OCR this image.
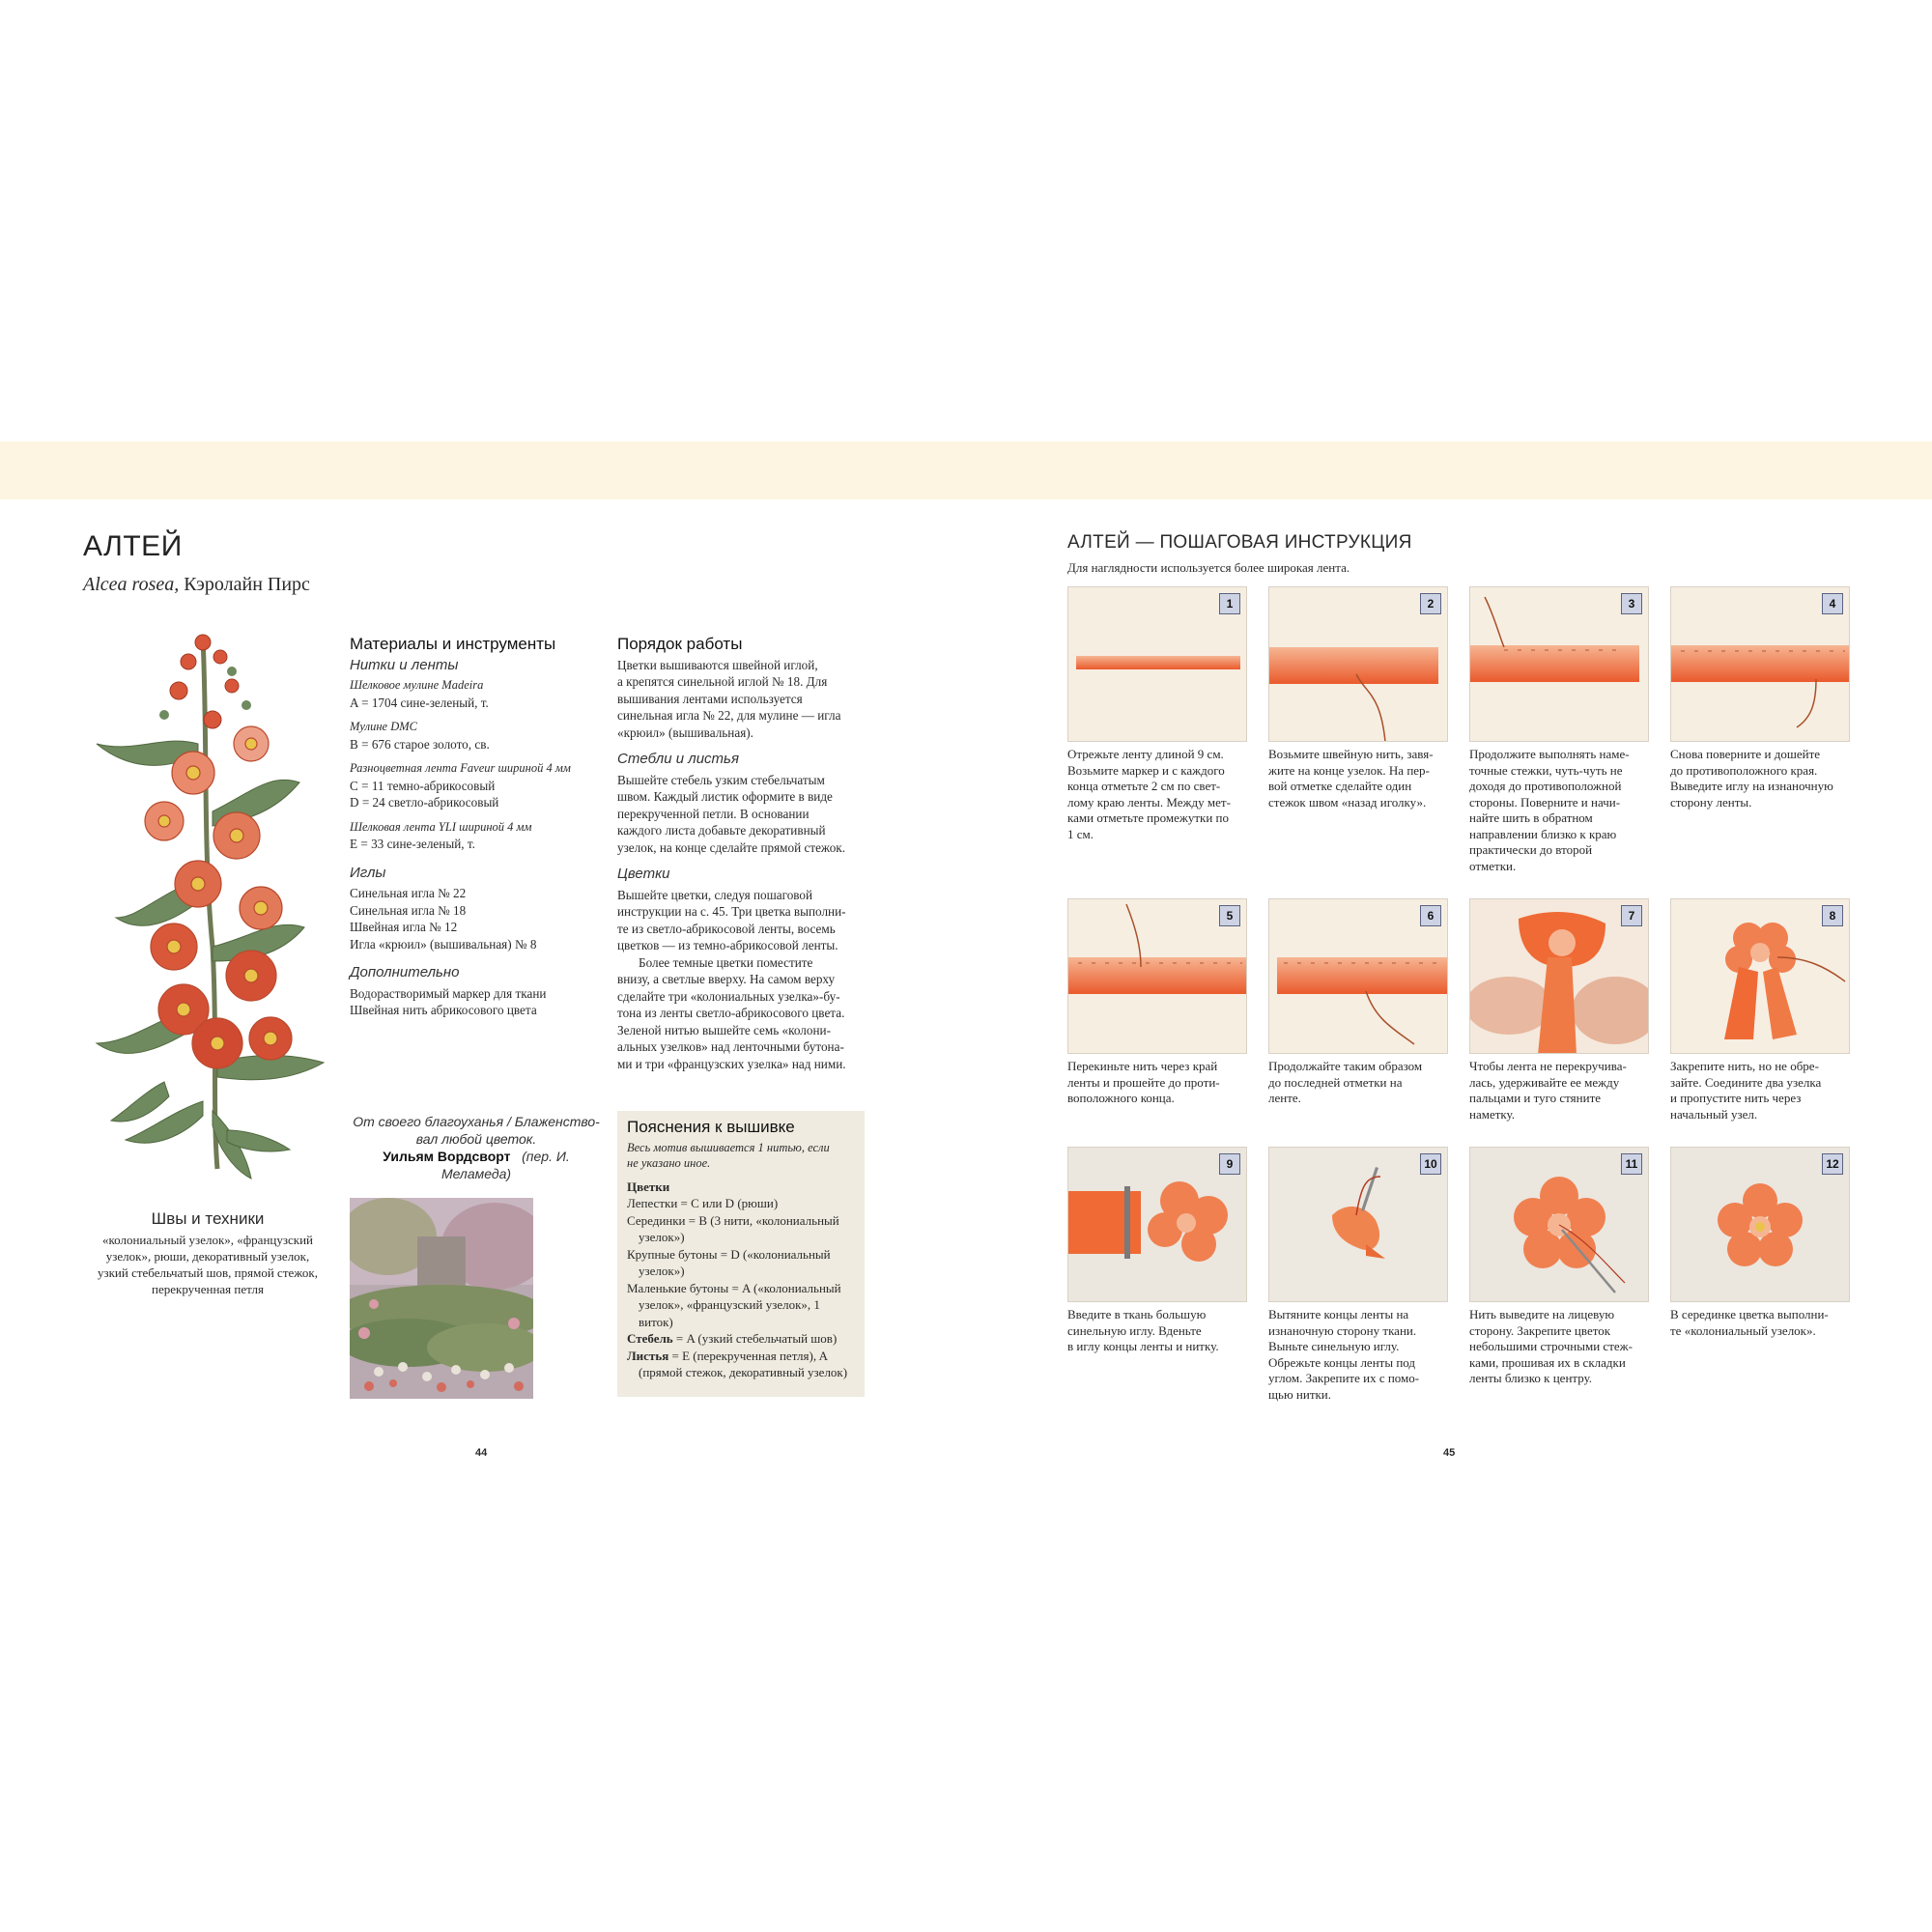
АЛТЕЙ
Alcea rosea, Кэролайн Пирс
Швы и техники
«колониальный узелок», «французский
узелок», рюши, декоративный узелок,
узкий стебельчатый шов, прямой стежок,
перекрученная петля
Материалы и инструменты
Нитки и ленты
Шелковое мулине Madeira

A = 1704 сине-зеленый, т.

Мулине DMC

B = 676 старое золото, св.

Разноцветная лента Faveur шириной 4 мм

C = 11 темно-абрикосовый

D = 24 светло-абрикосовый

Шелковая лента YLI шириной 4 мм

E = 33 сине-зеленый, т.

Иглы

Синельная игла № 22

Синельная игла № 18

Швейная игла № 12

Игла «крюил» (вышивальная) № 8

Дополнительно

Водорастворимый маркер для ткани

Швейная нить абрикосового цвета

Порядок работы

Цветки вышиваются швейной иглой,

а крепятся синельной иглой № 18. Для

вышивания лентами используется

синельная игла № 22, для мулине — игла

«крюил» (вышивальная).

Стебли и листья

Вышейте стебель узким стебельчатым

швом. Каждый листик оформите в виде

перекрученной петли. В основании

каждого листа добавьте декоративный

узелок, на конце сделайте прямой стежок.

Цветки

Вышейте цветки, следуя пошаговой

инструкции на с. 45. Три цветка выполни-

те из светло-абрикосовой ленты, восемь

цветков — из темно-абрикосовой ленты.

Более темные цветки поместите

внизу, а светлые вверху. На самом верху

сделайте три «колониальных узелка»-бу-

тона из ленты светло-абрикосового цвета.

Зеленой нитью вышейте семь «колони-

альных узелков» над ленточными бутона-

ми и три «французских узелка» над ними.

От своего благоуханья / Блаженство-
вал любой цветок.
Уильям Вордсворт (пер. И. Меламеда)
Пояснения к вышивке
Весь мотив вышивается 1 нитью, если
не указано иное.
Цветки
Лепестки = C или D (рюши)
Серединки = B (3 нити, «колониальный узелок»)
Крупные бутоны = D («колониальный узелок»)
Маленькие бутоны = A («колониальный узелок», «французский узелок», 1 виток)
Стебель = A (узкий стебельчатый шов)
Листья = E (перекрученная петля), A (прямой стежок, декоративный узелок)
44
АЛТЕЙ — ПОШАГОВАЯ ИНСТРУКЦИЯ
Для наглядности используется более широкая лента.
1
Отрежьте ленту длиной 9 см.
Возьмите маркер и с каждого
конца отметьте 2 см по свет-
лому краю ленты. Между мет-
ками отметьте промежутки по
1 см.
2
Возьмите швейную нить, завя-
жите на конце узелок. На пер-
вой отметке сделайте один
стежок швом «назад иголку».
3
Продолжите выполнять наме-
точные стежки, чуть-чуть не
доходя до противоположной
стороны. Поверните и начи-
найте шить в обратном
направлении близко к краю
практически до второй
отметки.
4
Снова поверните и дошейте
до противоположного края.
Выведите иглу на изнаночную
сторону ленты.
5
Перекиньте нить через край
ленты и прошейте до проти-
воположного конца.
6
Продолжайте таким образом
до последней отметки на
ленте.
7
Чтобы лента не перекручива-
лась, удерживайте ее между
пальцами и туго стяните
наметку.
8
Закрепите нить, но не обре-
зайте. Соедините два узелка
и пропустите нить через
начальный узел.
9
Введите в ткань большую
синельную иглу. Вденьте
в иглу концы ленты и нитку.
10
Вытяните концы ленты на
изнаночную сторону ткани.
Выньте синельную иглу.
Обрежьте концы ленты под
углом. Закрепите их с помо-
щью нитки.
11
Нить выведите на лицевую
сторону. Закрепите цветок
небольшими строчными стеж-
ками, прошивая их в складки
ленты близко к центру.
12
В серединке цветка выполни-
те «колониальный узелок».
45
